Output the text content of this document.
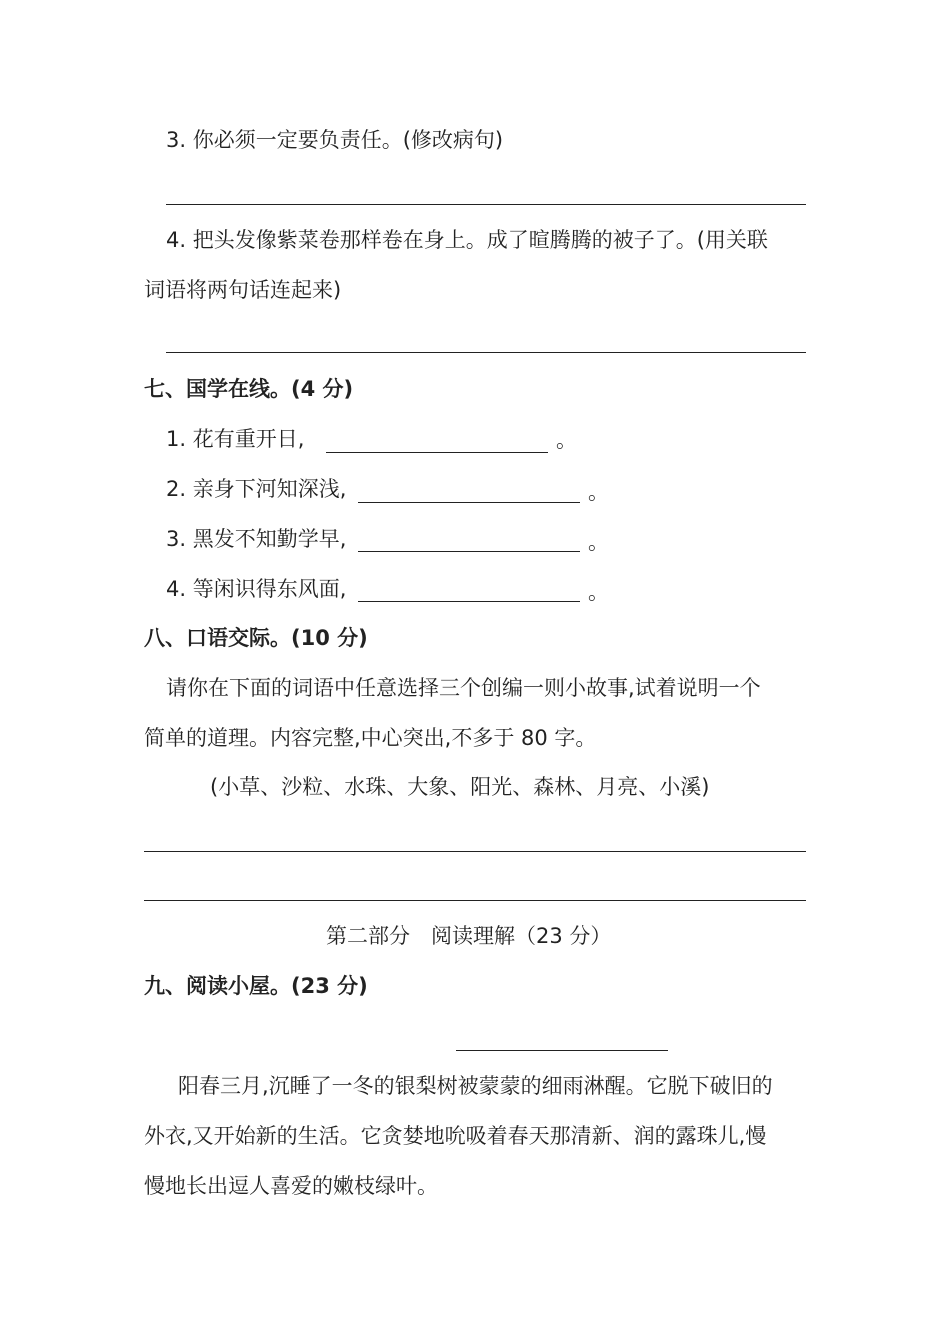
3. 你必须一定要负责任。(修改病句)
4. 把头发像紫菜卷那样卷在身上。成了暄腾腾的被子了。(用关联
词语将两句话连起来)
七、国学在线。(4 分)
1. 花有重开日,	。
2. 亲身下河知深浅,	。
3. 黑发不知勤学早,	。
4. 等闲识得东风面,	。
八、口语交际。(10 分)
请你在下面的词语中任意选择三个创编一则小故事,试着说明一个
简单的道理。内容完整,中心突出,不多于 80 字。
(小草、沙粒、水珠、大象、阳光、森林、月亮、小溪)
第二部分　阅读理解（23 分）
九、阅读小屋。(23 分)
阳春三月,沉睡了一冬的银梨树被蒙蒙的细雨淋醒。它脱下破旧的
外衣,又开始新的生活。它贪婪地吮吸着春天那清新、润的露珠儿,慢
慢地长出逗人喜爱的嫩枝绿叶。
